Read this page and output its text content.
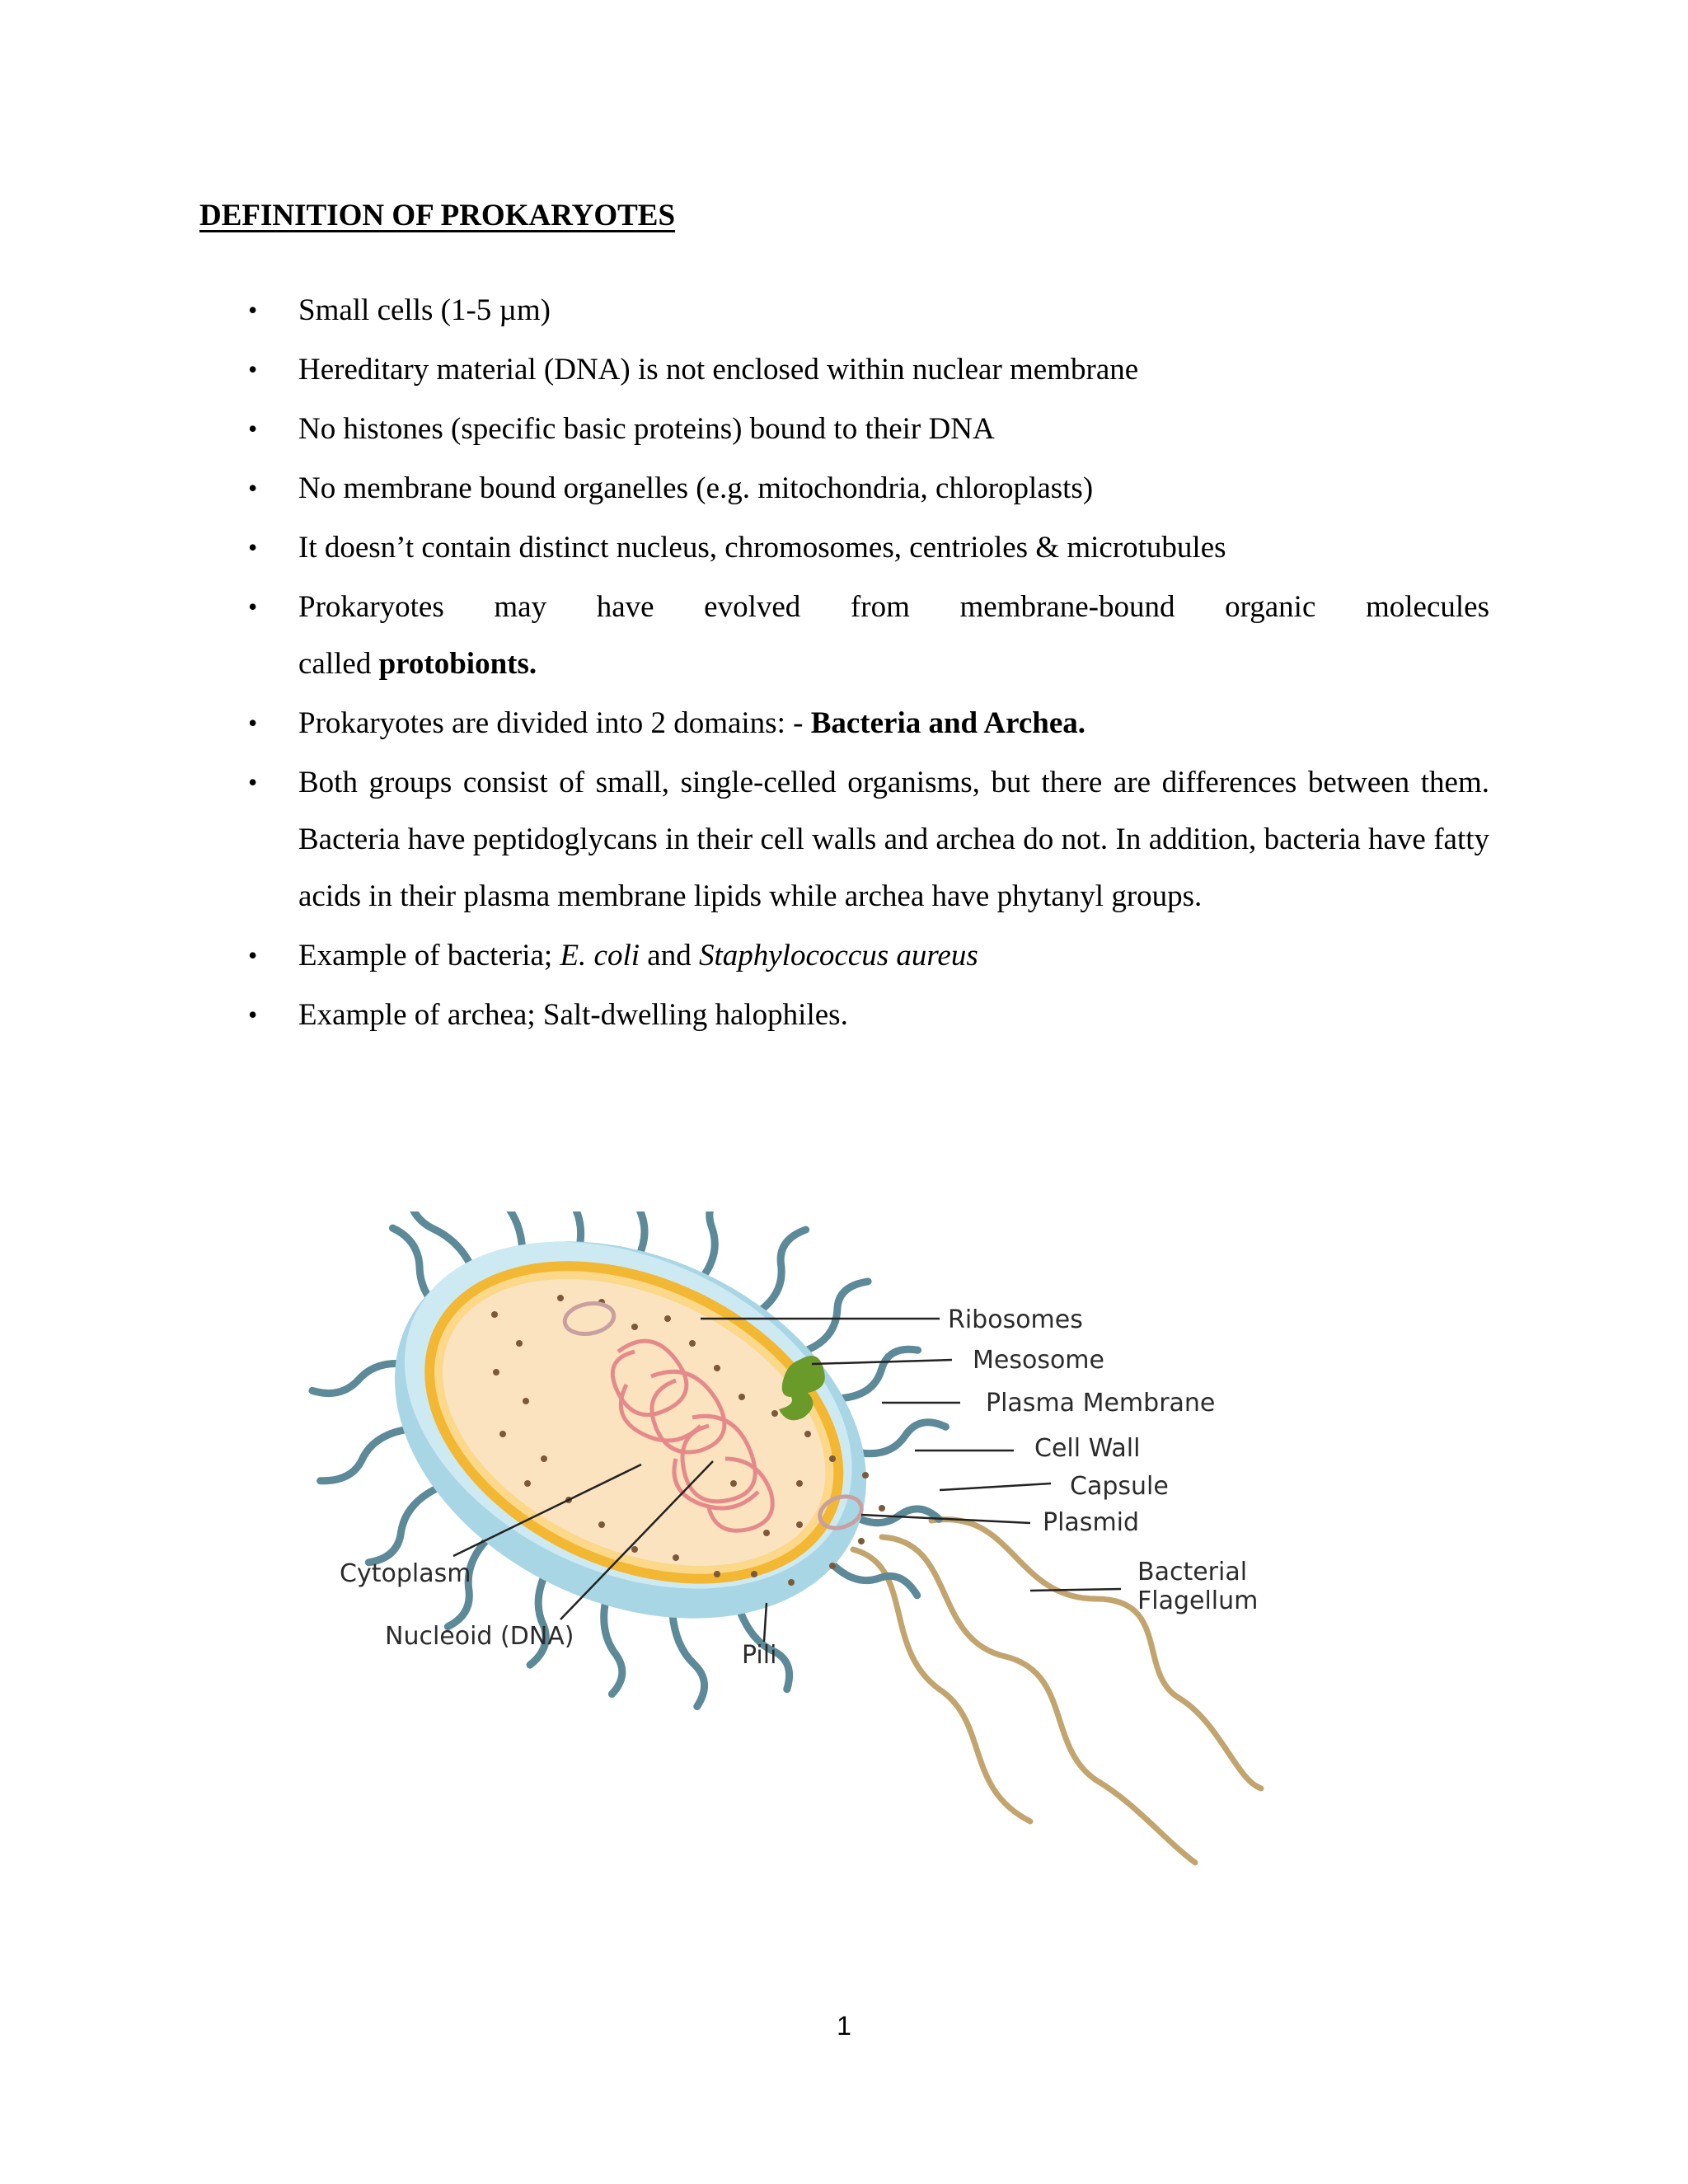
DEFINITION OF PROKARYOTES
• Small cells (1-5 µm)
• Hereditary material (DNA) is not enclosed within nuclear membrane
• No histones (specific basic proteins) bound to their DNA
• No membrane bound organelles (e.g. mitochondria, chloroplasts)
• It doesn’t contain distinct nucleus, chromosomes, centrioles & microtubules
• Prokaryotes may have evolved from membrane-bound organic molecules
called protobionts.
• Prokaryotes are divided into 2 domains: - Bacteria and Archea.
• Both groups consist of small, single-celled organisms, but there are differences between them. Bacteria have peptidoglycans in their cell walls and archea do not. In addition, bacteria have fatty acids in their plasma membrane lipids while archea have phytanyl groups.
• Example of bacteria; E. coli and Staphylococcus aureus
• Example of archea; Salt-dwelling halophiles.
Ribosomes
Mesosome
Plasma Membrane
Cell Wall
Capsule
Plasmid
Bacterial
Flagellum
Cytoplasm
Nucleoid (DNA)
Pili
1
